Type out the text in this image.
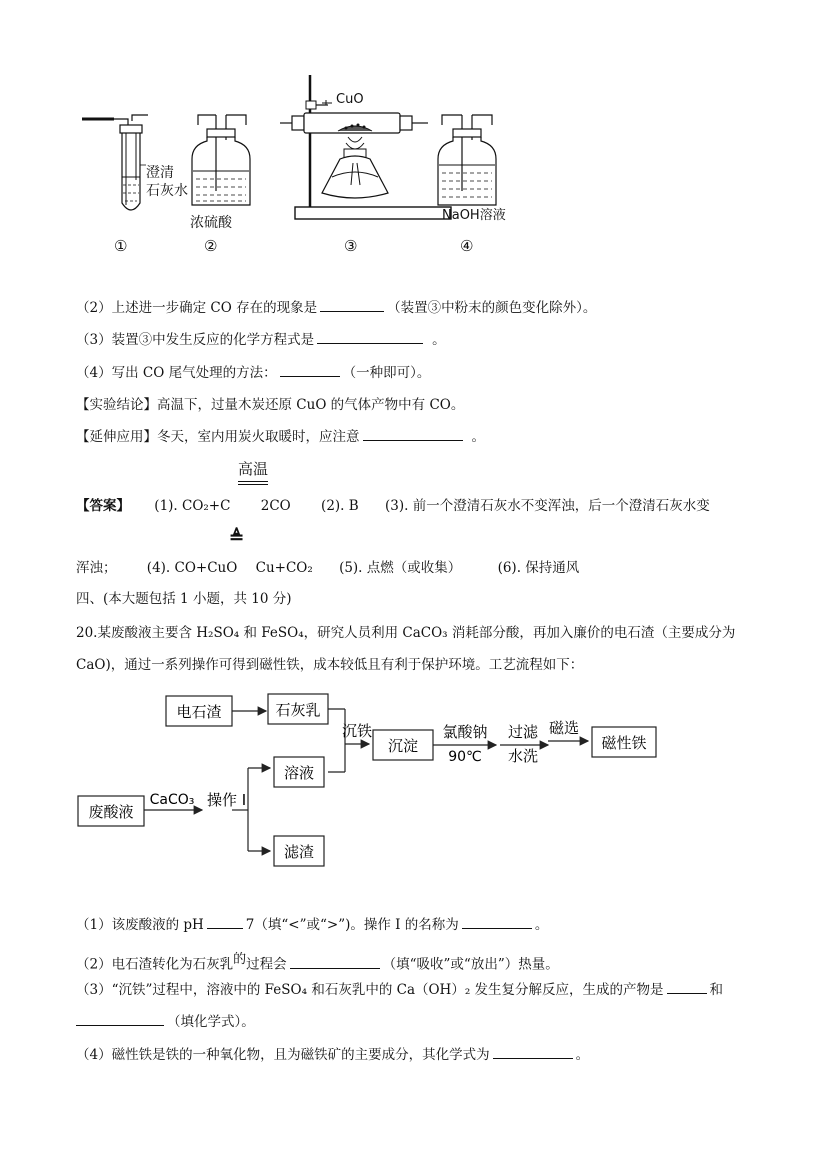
澄清
石灰水
浓硫酸
CuO
NaOH溶液
①	②	③	④
（2）上述进一步确定 CO 存在的现象是	（装置③中粉末的颜色变化除外）。
（3）装置③中发生反应的化学方程式是	。
（4）写出 CO 尾气处理的方法：	（一种即可）。
【实验结论】高温下，过量木炭还原 CuO 的气体产物中有 CO。
【延伸应用】冬天，室内用炭火取暖时，应注意	。
高温
【答案】 (1). CO₂+C 2CO (2). B (3). 前一个澄清石灰水不变浑浊，后一个澄清石灰水变
≜
浑浊； (4). CO+CuO Cu+CO₂ (5). 点燃（或收集）	(6). 保持通风
四、(本大题包括 1 小题，共 10 分)
20.某废酸液主要含 H₂SO₄ 和 FeSO₄，研究人员利用 CaCO₃ 消耗部分酸，再加入廉价的电石渣（主要成分为
CaO)，通过一系列操作可得到磁性铁，成本较低且有利于保护环境。工艺流程如下：
电石渣	石灰乳
沉铁
沉淀
氯酸钠
90℃
过滤
水洗
磁选
磁性铁
废酸液
CaCO₃ 操作 I
溶液
滤渣
（1）该废酸液的 pH	7（填“<”或“>”)。操作 I 的名称为	。
（2）电石渣转化为石灰乳$^的$过程会	（填“吸收”或“放出”）热量。
（3）“沉铁”过程中，溶液中的 FeSO₄ 和石灰乳中的 Ca（OH）₂ 发生复分解反应，生成的产物是	和
（填化学式）。
（4）磁性铁是铁的一种氧化物，且为磁铁矿的主要成分，其化学式为	。
